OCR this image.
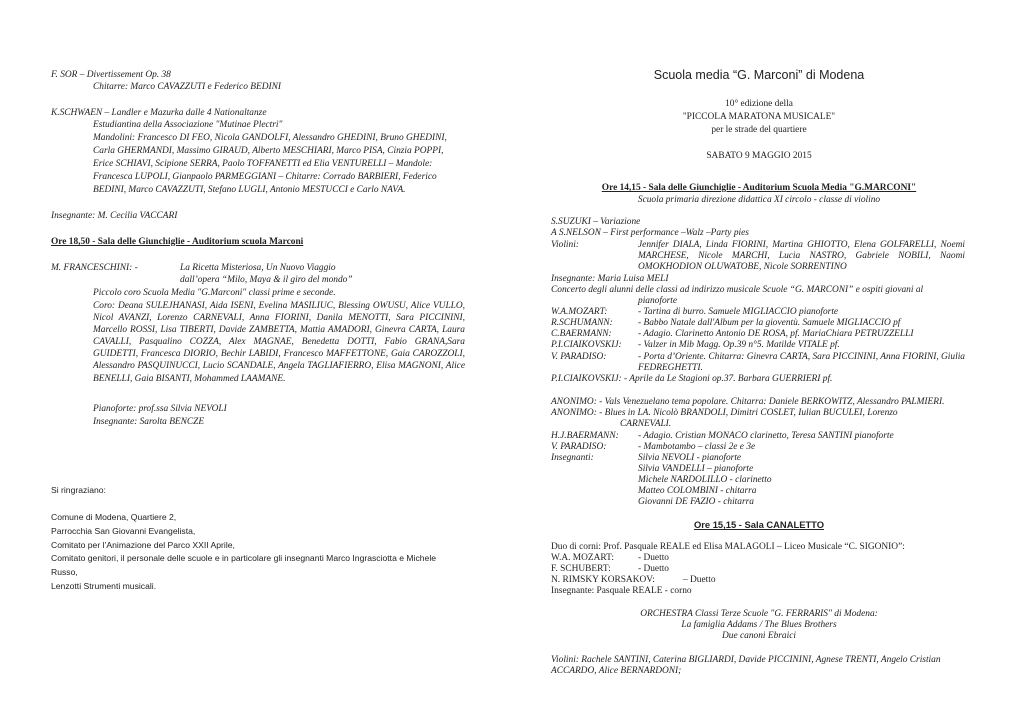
F. SOR – Divertissement Op. 38
Chitarre: Marco CAVAZZUTI e Federico BEDINI
K.SCHWAEN – Landler e Mazurka dalle 4 Nationaltanze
Estudiantina della Associazione "Mutinae Plectri"
Mandolini: Francesco DI FEO, Nicola GANDOLFI, Alessandro GHEDINI, Bruno GHEDINI,
Carla GHERMANDI, Massimo GIRAUD, Alberto MESCHIARI, Marco PISA, Cinzia POPPI,
Erice SCHIAVI, Scipione SERRA, Paolo TOFFANETTI ed Elia VENTURELLI – Mandole:
Francesca LUPOLI, Gianpaolo PARMEGGIANI – Chitarre: Corrado BARBIERI, Federico
BEDINI, Marco CAVAZZUTI, Stefano LUGLI, Antonio MESTUCCI e Carlo NAVA.
Insegnante: M. Cecilia VACCARI
Ore 18,50 - Sala delle Giunchiglie - Auditorium scuola Marconi
M. FRANCESCHINI: -	La Ricetta Misteriosa, Un Nuovo Viaggio
dall’opera “Milo, Maya & il giro del mondo”
Piccolo coro Scuola Media "G.Marconi" classi prime e seconde.
Coro: Deana SULEJHANASI, Aida ISENI, Evelina MASILIUC, Blessing OWUSU, Alice VULLO, Nicol AVANZI, Lorenzo CARNEVALI, Anna FIORINI, Danila MENOTTI, Sara PICCININI, Marcello ROSSI, Lisa TIBERTI, Davide ZAMBETTA, Mattia AMADORI, Ginevra CARTA, Laura CAVALLI, Pasqualino COZZA, Alex MAGNAE, Benedetta DOTTI, Fabio GRANA,Sara GUIDETTI, Francesca DIORIO, Bechir LABIDI, Francesco MAFFETTONE, Gaia CAROZZOLI, Alessandro PASQUINUCCI, Lucio SCANDALE, Angela TAGLIAFIERRO, Elisa MAGNONI, Alice BENELLI, Gaia BISANTI, Mohammed LAAMANE.
Pianoforte: prof.ssa Silvia NEVOLI
Insegnante: Sarolta BENCZE
Si ringraziano:
Comune di Modena, Quartiere 2,
Parrocchia San Giovanni Evangelista,
Comitato per l’Animazione del Parco XXII Aprile,
Comitato genitori, il personale delle scuole e in particolare gli insegnanti Marco Ingrasciotta e Michele
Russo,
Lenzotti Strumenti musicali.
Scuola media “G. Marconi” di Modena
10° edizione della
"PICCOLA MARATONA MUSICALE"
per le strade del quartiere
SABATO 9 MAGGIO 2015
Ore 14,15 - Sala delle Giunchiglie - Auditorium Scuola Media "G.MARCONI"
Scuola primaria direzione didattica XI circolo - classe di violino
S.SUZUKI – Variazione
A S.NELSON – First performance –Walz –Party pies
Violini:	Jennifer DIALA, Linda FIORINI, Martina GHIOTTO, Elena GOLFARELLI, Noemi MARCHESE, Nicole MARCHI, Lucia NASTRO, Gabriele NOBILI, Naomi OMOKHODION OLUWATOBE, Nicole SORRENTINO
Insegnante: Maria Luisa MELI
Concerto degli alunni delle classi ad indirizzo musicale Scuole “G. MARCONI” e ospiti giovani al
pianoforte
W.A.MOZART:	- Tartina di burro. Samuele MIGLIACCIO pianoforte
R.SCHUMANN:	- Babbo Natale dall'Album per la gioventù. Samuele MIGLIACCIO pf
C.BAERMANN:	- Adagio. Clarinetto Antonio DE ROSA, pf. MariaChiara PETRUZZELLI
P.I.CIAIKOVSKIJ: - Valzer in Mib Magg. Op.39 n°5. Matilde VITALE pf.
V. PARADISO:	- Porta d’Oriente. Chitarra: Ginevra CARTA, Sara PICCININI, Anna FIORINI, Giulia FEDREGHETTI.
P.I.CIAIKOVSKIJ: - Aprile da Le Stagioni op.37. Barbara GUERRIERI pf.
ANONIMO: - Vals Venezuelano tema popolare. Chitarra: Daniele BERKOWITZ, Alessandro PALMIERI.
ANONIMO: - Blues in LA. Nicolò BRANDOLI, Dimitri COSLET, Iulian BUCULEI, Lorenzo
CARNEVALI.
H.J.BAERMANN: - Adagio. Cristian MONACO clarinetto, Teresa SANTINI pianoforte
V. PARADISO:	- Mambotambo – classi 2e e 3e
Insegnanti:	Silvia NEVOLI - pianoforte
Silvia VANDELLI – pianoforte
Michele NARDOLILLO - clarinetto
Matteo COLOMBINI - chitarra
Giovanni DE FAZIO - chitarra
Ore 15,15 - Sala CANALETTO
Duo di corni: Prof. Pasquale REALE ed Elisa MALAGOLI – Liceo Musicale “C. SIGONIO”:
W.A. MOZART:	- Duetto
F. SCHUBERT:	- Duetto
N. RIMSKY KORSAKOV:	– Duetto
Insegnante: Pasquale REALE - corno
ORCHESTRA Classi Terze Scuole "G. FERRARIS" di Modena:
La famiglia Addams / The Blues Brothers
Due canoni Ebraici
Violini: Rachele SANTINI, Caterina BIGLIARDI, Davide PICCININI, Agnese TRENTI, Angelo Cristian ACCARDO, Alice BERNARDONI;
